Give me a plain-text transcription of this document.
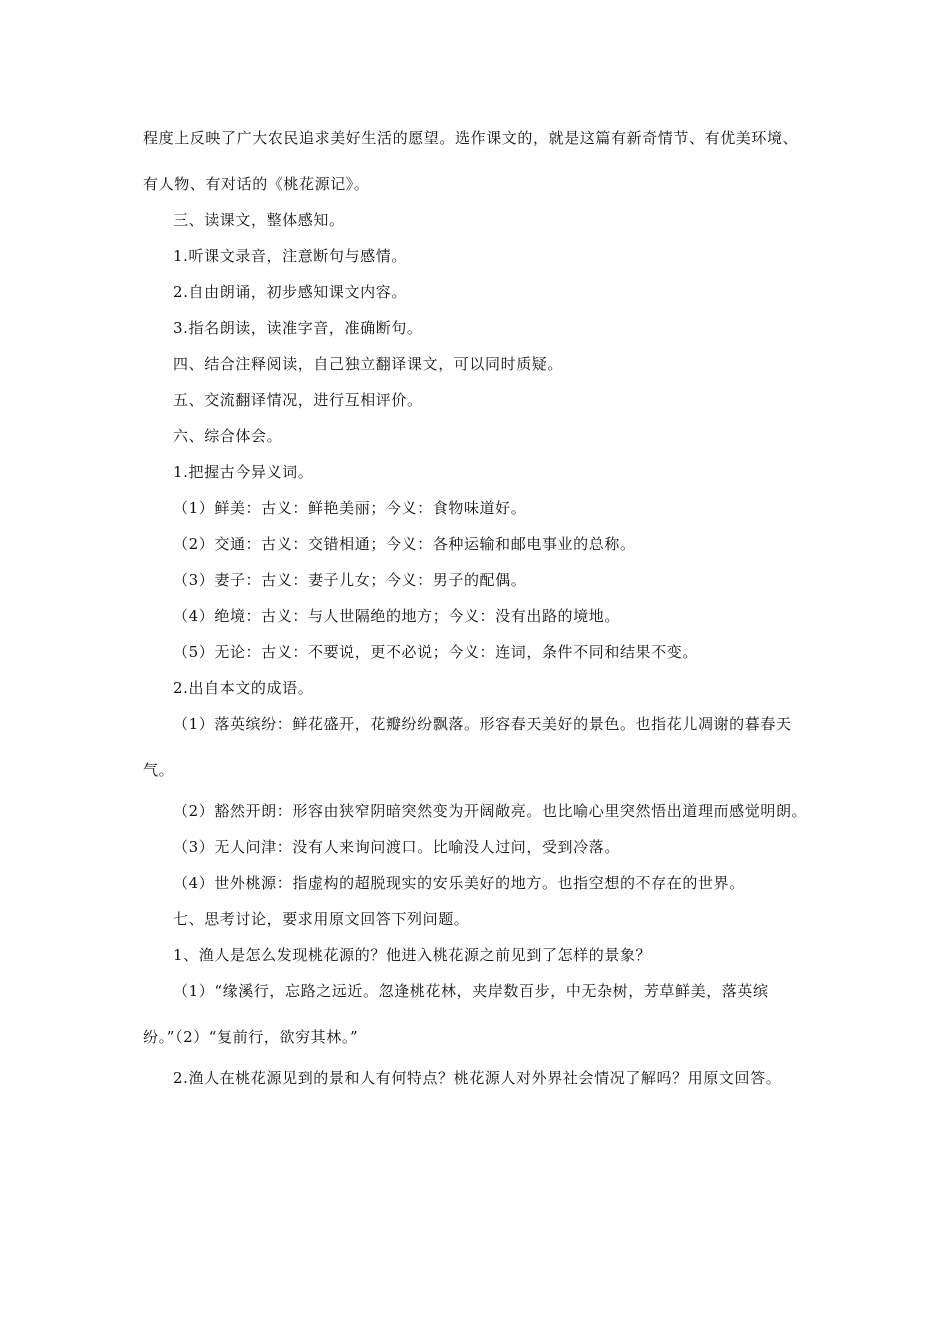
程度上反映了广大农民追求美好生活的愿望。选作课文的，就是这篇有新奇情节、有优美环境、有人物、有对话的《桃花源记》。

三、读课文，整体感知。

1.听课文录音，注意断句与感情。

2.自由朗诵，初步感知课文内容。

3.指名朗读，读准字音，准确断句。

四、结合注释阅读，自己独立翻译课文，可以同时质疑。

五、交流翻译情况，进行互相评价。

六、综合体会。

1.把握古今异义词。

（1）鲜美：古义：鲜艳美丽；今义：食物味道好。

（2）交通：古义：交错相通；今义：各种运输和邮电事业的总称。

（3）妻子：古义：妻子儿女；今义：男子的配偶。

（4）绝境：古义：与人世隔绝的地方；今义：没有出路的境地。

（5）无论：古义：不要说，更不必说；今义：连词，条件不同和结果不变。

2.出自本文的成语。

（1）落英缤纷：鲜花盛开，花瓣纷纷飘落。形容春天美好的景色。也指花儿凋谢的暮春天气。

（2）豁然开朗：形容由狭窄阴暗突然变为开阔敞亮。也比喻心里突然悟出道理而感觉明朗。

（3）无人问津：没有人来询问渡口。比喻没人过问，受到冷落。

（4）世外桃源：指虚构的超脱现实的安乐美好的地方。也指空想的不存在的世界。

七、思考讨论，要求用原文回答下列问题。

1、渔人是怎么发现桃花源的？他进入桃花源之前见到了怎样的景象？

（1）“缘溪行，忘路之远近。忽逢桃花林，夹岸数百步，中无杂树，芳草鲜美，落英缤纷。”（2）“复前行，欲穷其林。”

2.渔人在桃花源见到的景和人有何特点？桃花源人对外界社会情况了解吗？用原文回答。
